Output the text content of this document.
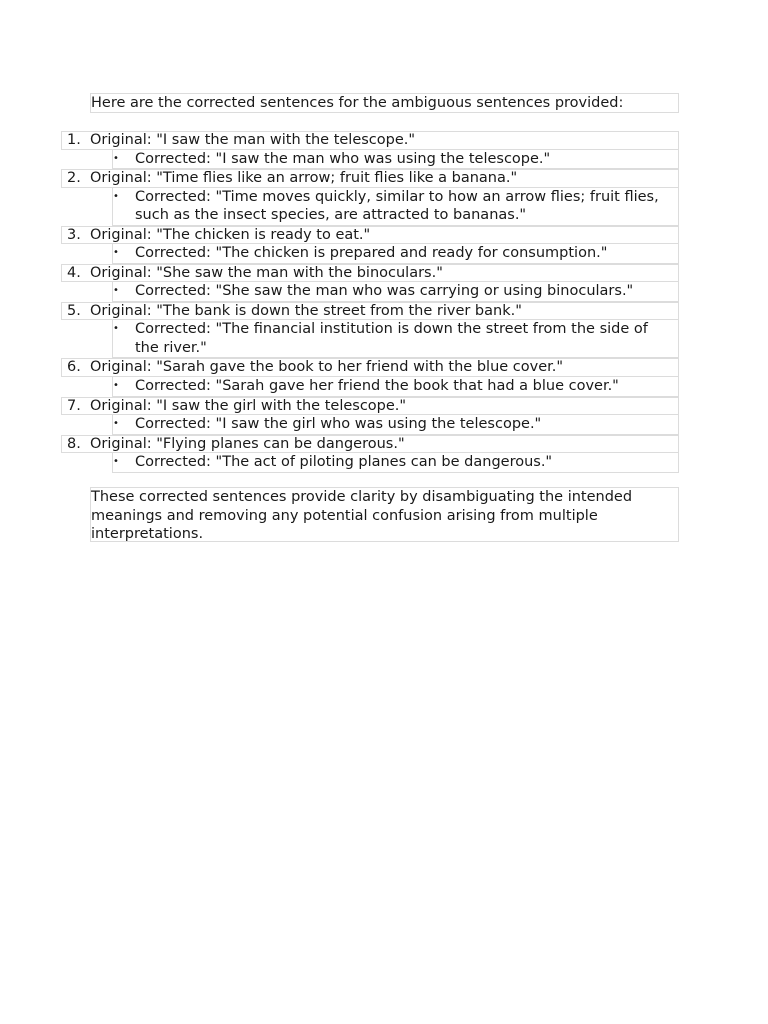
Here are the corrected sentences for the ambiguous sentences provided:
1. Original: "I saw the man with the telescope."
• Corrected: "I saw the man who was using the telescope."
2. Original: "Time flies like an arrow; fruit flies like a banana."
• Corrected: "Time moves quickly, similar to how an arrow flies; fruit flies, such as the insect species, are attracted to bananas."
3. Original: "The chicken is ready to eat."
• Corrected: "The chicken is prepared and ready for consumption."
4. Original: "She saw the man with the binoculars."
• Corrected: "She saw the man who was carrying or using binoculars."
5. Original: "The bank is down the street from the river bank."
• Corrected: "The financial institution is down the street from the side of the river."
6. Original: "Sarah gave the book to her friend with the blue cover."
• Corrected: "Sarah gave her friend the book that had a blue cover."
7. Original: "I saw the girl with the telescope."
• Corrected: "I saw the girl who was using the telescope."
8. Original: "Flying planes can be dangerous."
• Corrected: "The act of piloting planes can be dangerous."
These corrected sentences provide clarity by disambiguating the intended meanings and removing any potential confusion arising from multiple interpretations.
